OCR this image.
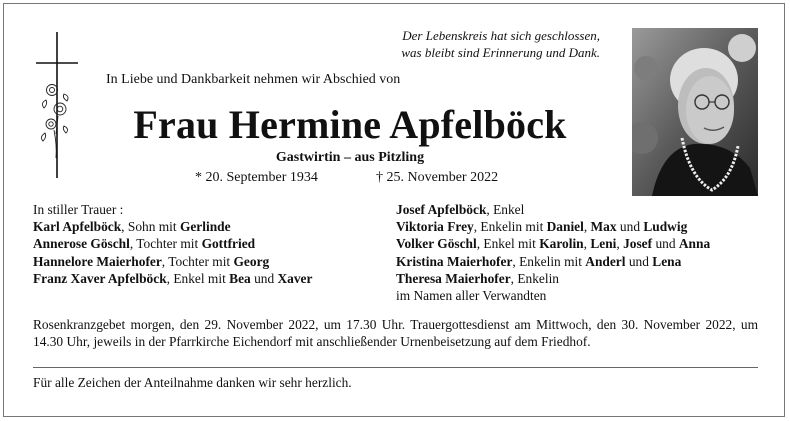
Der Lebenskreis hat sich geschlossen,
was bleibt sind Erinnerung und Dank.
In Liebe und Dankbarkeit nehmen wir Abschied von
Frau Hermine Apfelböck
Gastwirtin – aus Pitzling
* 20. September 1934	† 25. November 2022
In stiller Trauer :
Karl Apfelböck, Sohn mit Gerlinde
Annerose Göschl, Tochter mit Gottfried
Hannelore Maierhofer, Tochter mit Georg
Franz Xaver Apfelböck, Enkel mit Bea und Xaver
Josef Apfelböck, Enkel
Viktoria Frey, Enkelin mit Daniel, Max und Ludwig
Volker Göschl, Enkel mit Karolin, Leni, Josef und Anna
Kristina Maierhofer, Enkelin mit Anderl und Lena
Theresa Maierhofer, Enkelin
im Namen aller Verwandten
Rosenkranzgebet morgen, den 29. November 2022, um 17.30 Uhr. Trauergottesdienst am Mittwoch, den 30. November 2022, um 14.30 Uhr, jeweils in der Pfarrkirche Eichendorf mit anschließender Urnenbeisetzung auf dem Friedhof.
Für alle Zeichen der Anteilnahme danken wir sehr herzlich.
